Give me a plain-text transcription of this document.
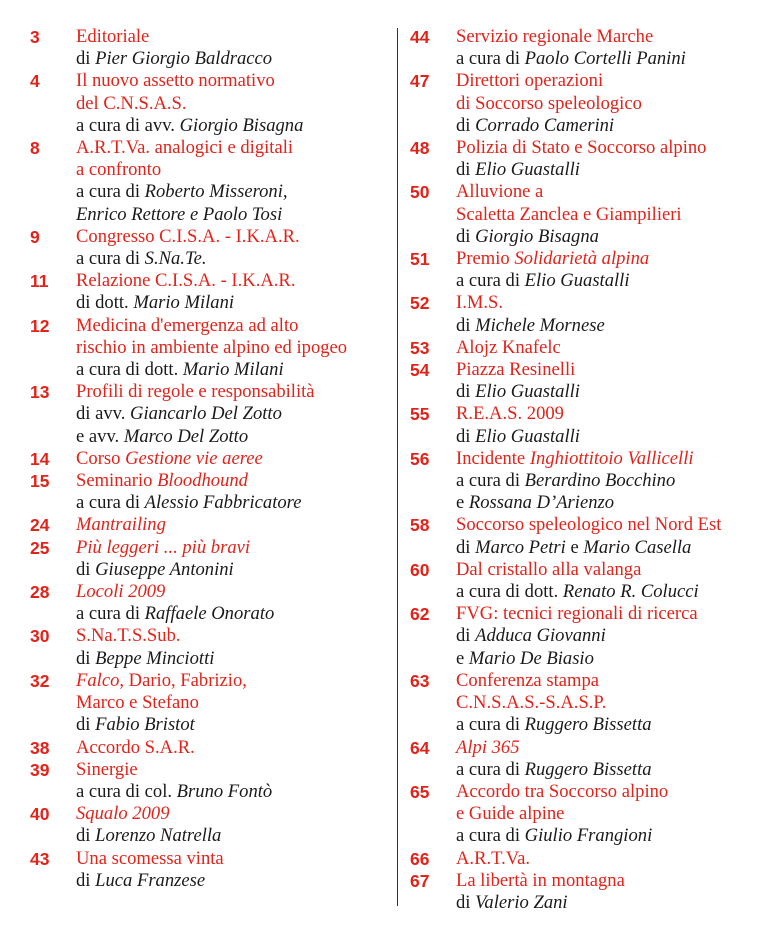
3	Editoriale
di Pier Giorgio Baldracco
4	Il nuovo assetto normativo
del C.N.S.A.S.
a cura di avv. Giorgio Bisagna
8	A.R.T.Va. analogici e digitali
a confronto
a cura di Roberto Misseroni,
Enrico Rettore e Paolo Tosi
9	Congresso C.I.S.A. - I.K.A.R.
a cura di S.Na.Te.
11	Relazione C.I.S.A. - I.K.A.R.
di dott. Mario Milani
12	Medicina d'emergenza ad alto
rischio in ambiente alpino ed ipogeo
a cura di dott. Mario Milani
13	Profili di regole e responsabilità
di avv. Giancarlo Del Zotto
e avv. Marco Del Zotto
14	Corso Gestione vie aeree
15	Seminario Bloodhound
a cura di Alessio Fabbricatore
24	Mantrailing
25	Più leggeri ... più bravi
di Giuseppe Antonini
28	Locoli 2009
a cura di Raffaele Onorato
30	S.Na.T.S.Sub.
di Beppe Minciotti
32	Falco, Dario, Fabrizio,
Marco e Stefano
di Fabio Bristot
38	Accordo S.A.R.
39	Sinergie
a cura di col. Bruno Fontò
40	Squalo 2009
di Lorenzo Natrella
43	Una scomessa vinta
di Luca Franzese
44	Servizio regionale Marche
a cura di Paolo Cortelli Panini
47	Direttori operazioni
di Soccorso speleologico
di Corrado Camerini
48	Polizia di Stato e Soccorso alpino
di Elio Guastalli
50	Alluvione a
Scaletta Zanclea e Giampilieri
di Giorgio Bisagna
51	Premio Solidarietà alpina
a cura di Elio Guastalli
52	I.M.S.
di Michele Mornese
53	Alojz Knafelc
54	Piazza Resinelli
di Elio Guastalli
55	R.E.A.S. 2009
di Elio Guastalli
56	Incidente Inghiottitoio Vallicelli
a cura di Berardino Bocchino
e Rossana D’Arienzo
58	Soccorso speleologico nel Nord Est
di Marco Petri e Mario Casella
60	Dal cristallo alla valanga
a cura di dott. Renato R. Colucci
62	FVG: tecnici regionali di ricerca
di Adduca Giovanni
e Mario De Biasio
63	Conferenza stampa
C.N.S.A.S.-S.A.S.P.
a cura di Ruggero Bissetta
64	Alpi 365
a cura di Ruggero Bissetta
65	Accordo tra Soccorso alpino
e Guide alpine
a cura di Giulio Frangioni
66	A.R.T.Va.
67	La libertà in montagna
di Valerio Zani
